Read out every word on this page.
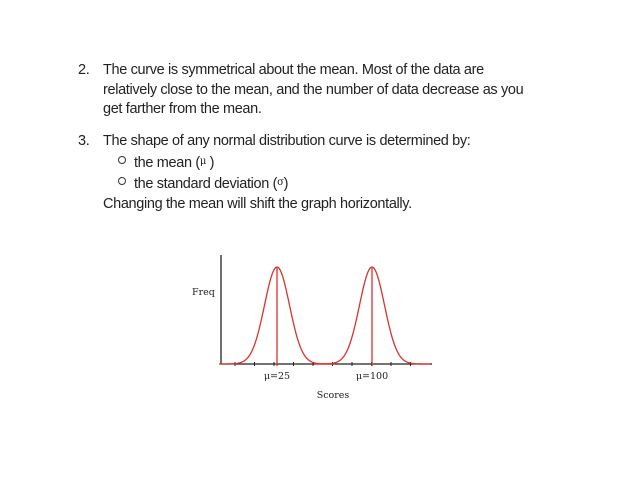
2. The curve is symmetrical about the mean. Most of the data are
relatively close to the mean, and the number of data decrease as you
get farther from the mean.
3. The shape of any normal distribution curve is determined by:
the mean ($^\mu$ )
the standard deviation ($^\sigma$)
Changing the mean will shift the graph horizontally.
μ=25	μ=100
Freq
Scores
